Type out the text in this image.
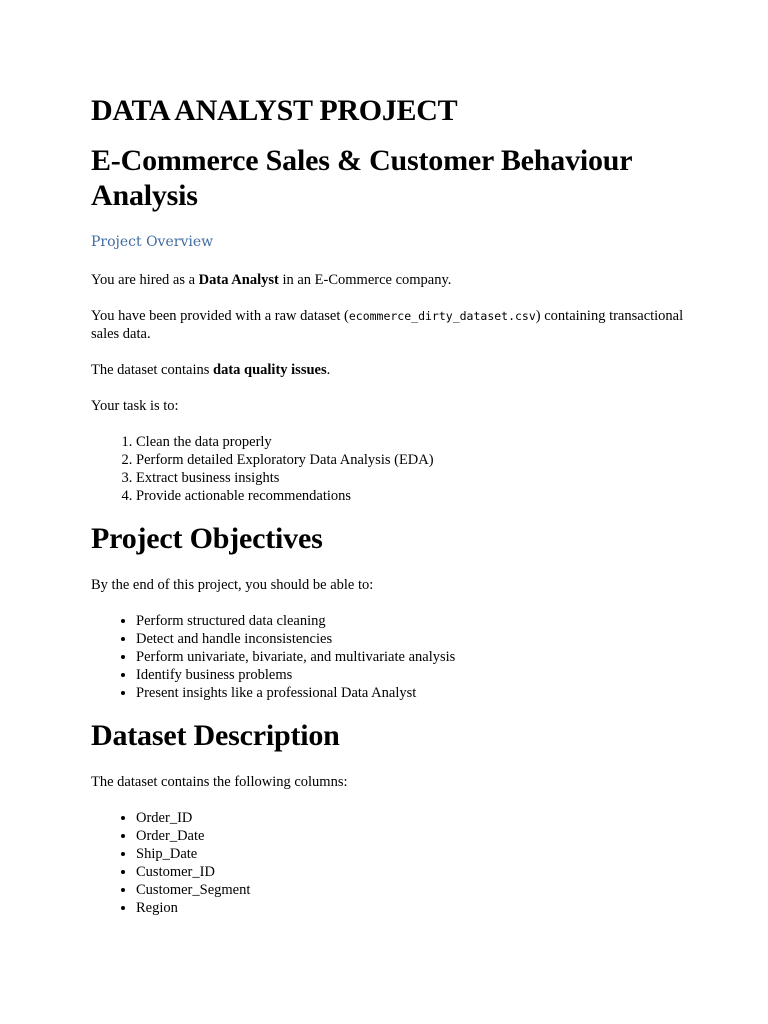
DATA ANALYST PROJECT
E-Commerce Sales & Customer Behaviour Analysis
Project Overview

You are hired as a Data Analyst in an E-Commerce company.

You have been provided with a raw dataset (ecommerce_dirty_dataset.csv) containing transactional sales data.

The dataset contains data quality issues.

Your task is to:

1. Clean the data properly
2. Perform detailed Exploratory Data Analysis (EDA)
3. Extract business insights
4. Provide actionable recommendations
Project Objectives

By the end of this project, you should be able to:

• Perform structured data cleaning
• Detect and handle inconsistencies
• Perform univariate, bivariate, and multivariate analysis
• Identify business problems
• Present insights like a professional Data Analyst
Dataset Description

The dataset contains the following columns:

• Order_ID
• Order_Date
• Ship_Date
• Customer_ID
• Customer_Segment
• Region
